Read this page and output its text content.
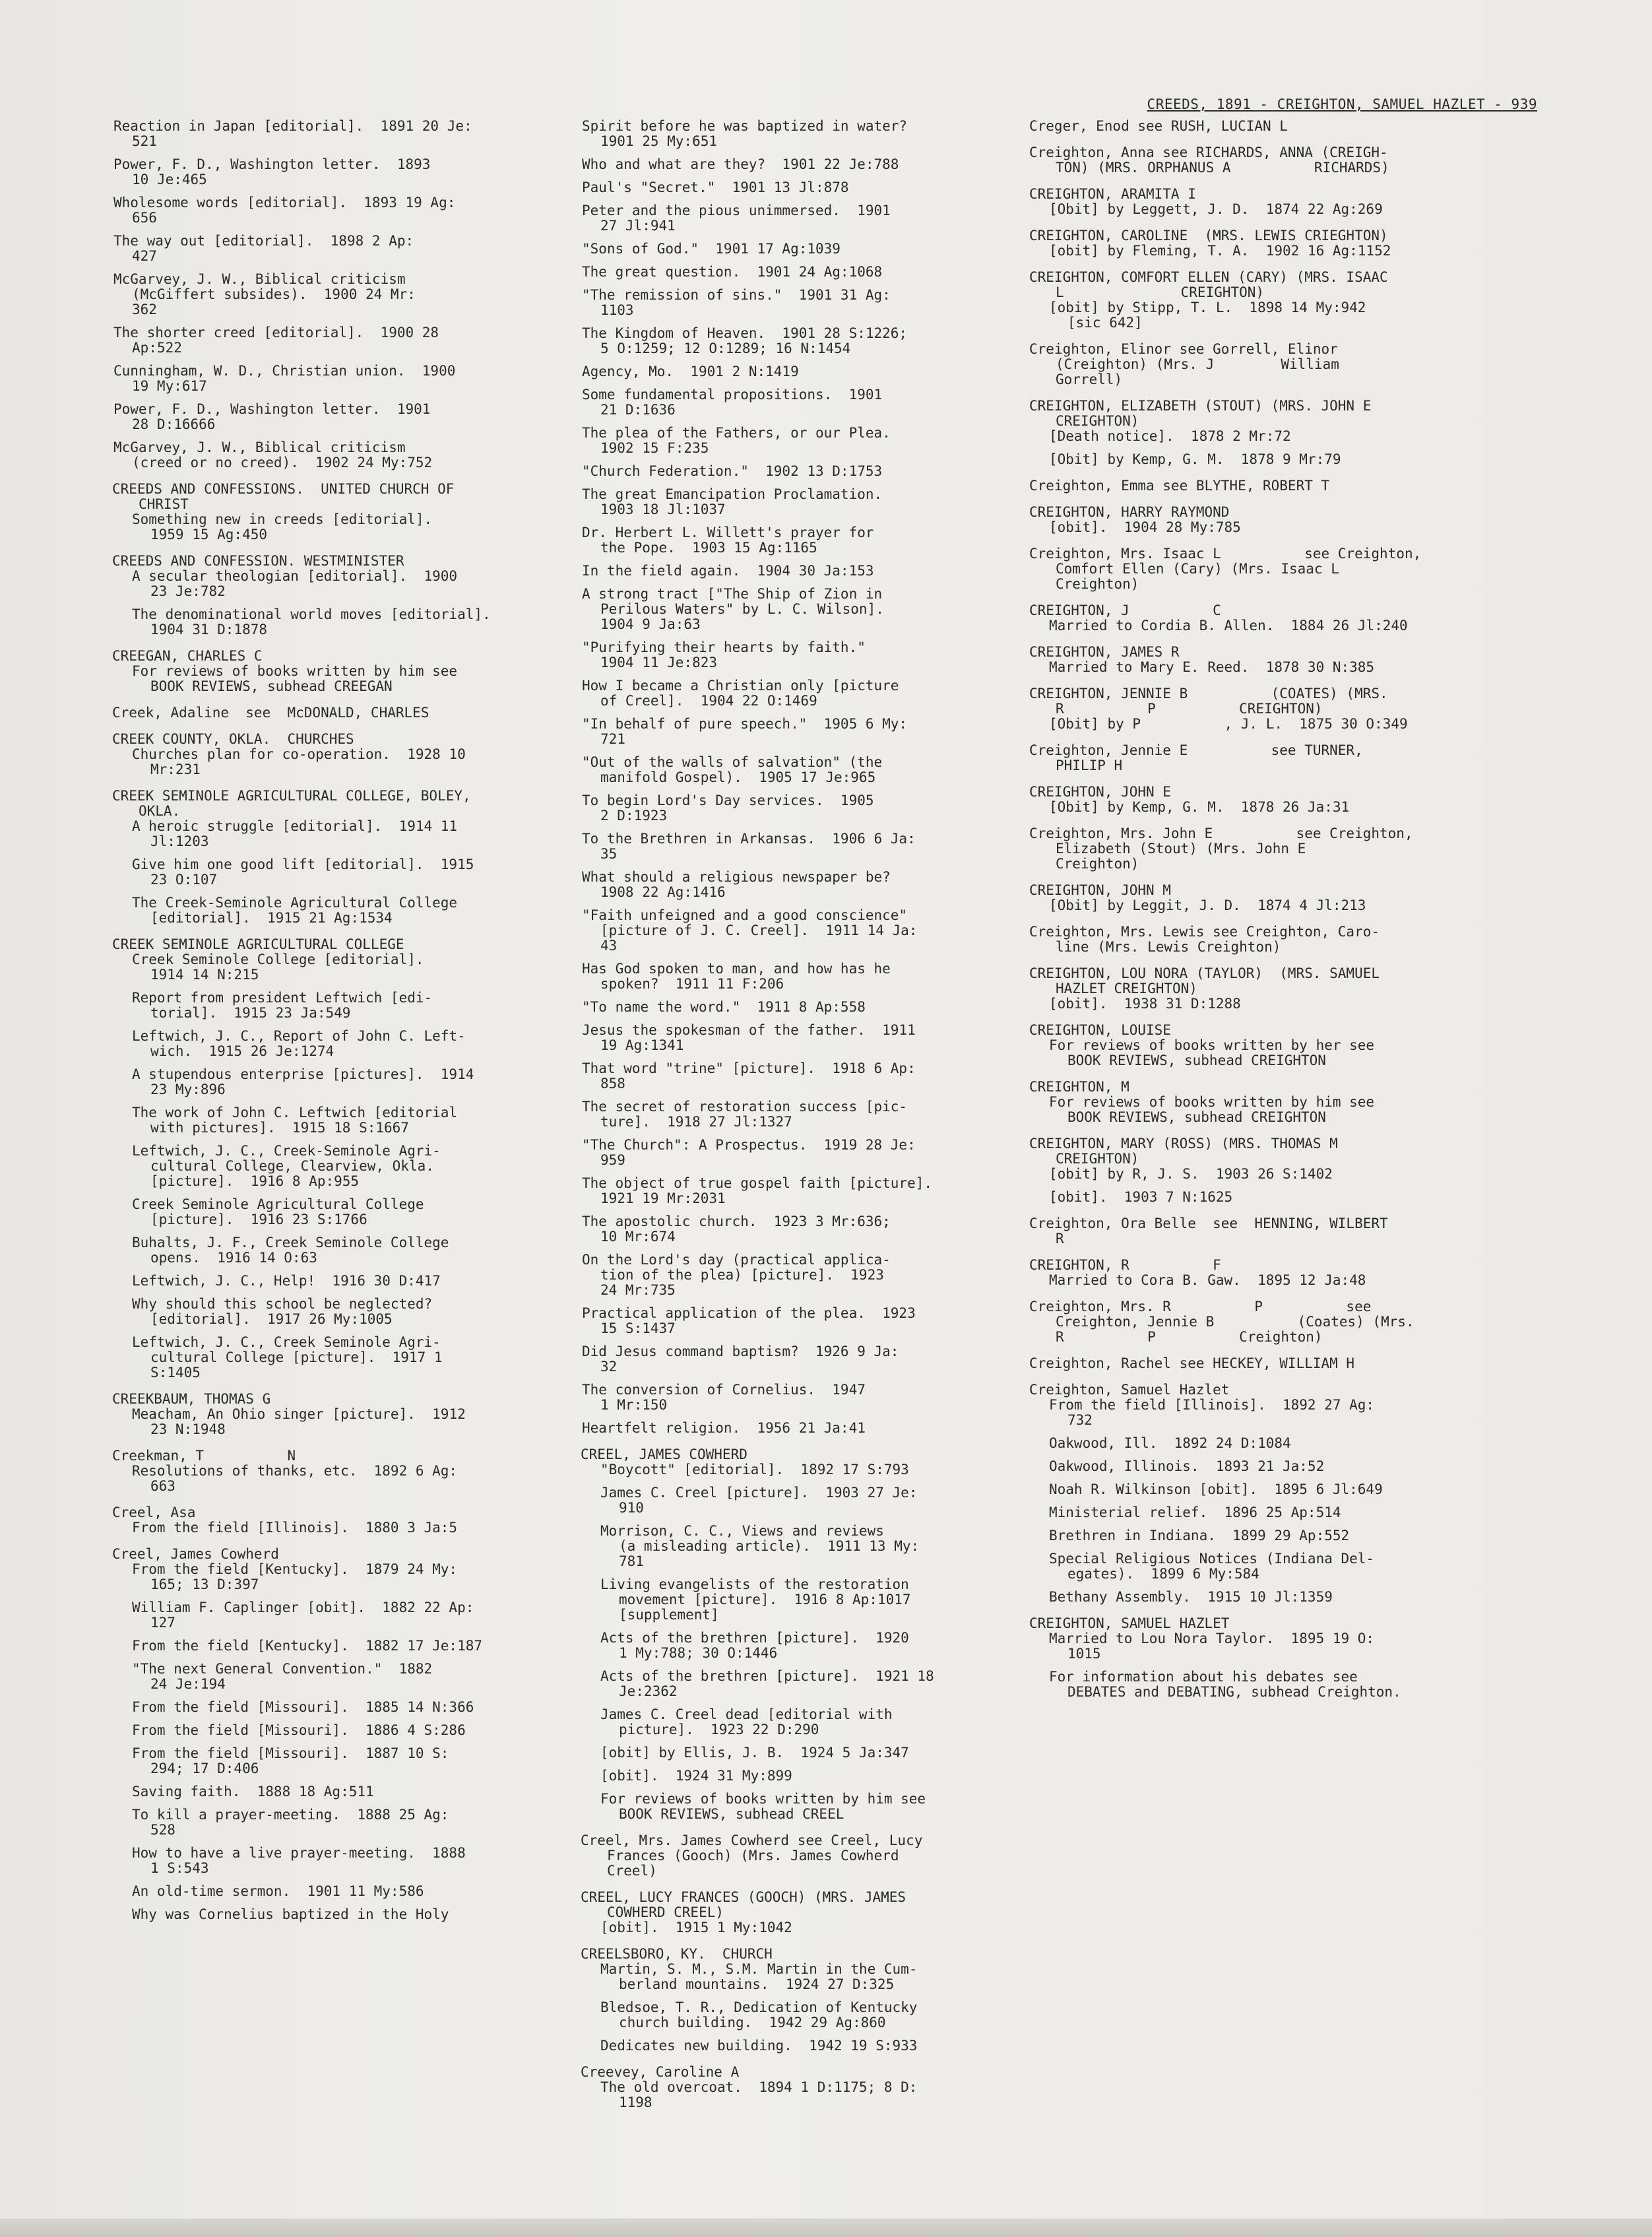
CREEDS, 1891 - CREIGHTON, SAMUEL HAZLET - 939
Reaction in Japan [editorial].  1891 20 Je:
521
Power, F. D., Washington letter.  1893
10 Je:465
Wholesome words [editorial].  1893 19 Ag:
656
The way out [editorial].  1898 2 Ap:
427
McGarvey, J. W., Biblical criticism
(McGiffert subsides).  1900 24 Mr:
362
The shorter creed [editorial].  1900 28
Ap:522
Cunningham, W. D., Christian union.  1900
19 My:617
Power, F. D., Washington letter.  1901
28 D:16666
McGarvey, J. W., Biblical criticism
(creed or no creed).  1902 24 My:752
CREEDS AND CONFESSIONS.  UNITED CHURCH OF
CHRIST
Something new in creeds [editorial].
1959 15 Ag:450
CREEDS AND CONFESSION. WESTMINISTER
A secular theologian [editorial].  1900
23 Je:782
The denominational world moves [editorial].
1904 31 D:1878
CREEGAN, CHARLES C
For reviews of books written by him see
BOOK REVIEWS, subhead CREEGAN
Creek, Adaline  see  McDONALD, CHARLES
CREEK COUNTY, OKLA.  CHURCHES
Churches plan for co-operation.  1928 10
Mr:231
CREEK SEMINOLE AGRICULTURAL COLLEGE, BOLEY,
OKLA.
A heroic struggle [editorial].  1914 11
Jl:1203
Give him one good lift [editorial].  1915
23 O:107
The Creek-Seminole Agricultural College
[editorial].  1915 21 Ag:1534
CREEK SEMINOLE AGRICULTURAL COLLEGE
Creek Seminole College [editorial].
1914 14 N:215
Report from president Leftwich [edi-
torial].  1915 23 Ja:549
Leftwich, J. C., Report of John C. Left-
wich.  1915 26 Je:1274
A stupendous enterprise [pictures].  1914
23 My:896
The work of John C. Leftwich [editorial
with pictures].  1915 18 S:1667
Leftwich, J. C., Creek-Seminole Agri-
cultural College, Clearview, Okla.
[picture].  1916 8 Ap:955
Creek Seminole Agricultural College
[picture].  1916 23 S:1766
Buhalts, J. F., Creek Seminole College
opens.  1916 14 O:63
Leftwich, J. C., Help!  1916 30 D:417
Why should this school be neglected?
[editorial].  1917 26 My:1005
Leftwich, J. C., Creek Seminole Agri-
cultural College [picture].  1917 1
S:1405
CREEKBAUM, THOMAS G
Meacham, An Ohio singer [picture].  1912
23 N:1948
Creekman, T          N
Resolutions of thanks, etc.  1892 6 Ag:
663
Creel, Asa
From the field [Illinois].  1880 3 Ja:5
Creel, James Cowherd
From the field [Kentucky].  1879 24 My:
165; 13 D:397
William F. Caplinger [obit].  1882 22 Ap:
127
From the field [Kentucky].  1882 17 Je:187
"The next General Convention."  1882
24 Je:194
From the field [Missouri].  1885 14 N:366
From the field [Missouri].  1886 4 S:286
From the field [Missouri].  1887 10 S:
294; 17 D:406
Saving faith.  1888 18 Ag:511
To kill a prayer-meeting.  1888 25 Ag:
528
How to have a live prayer-meeting.  1888
1 S:543
An old-time sermon.  1901 11 My:586
Why was Cornelius baptized in the Holy
Spirit before he was baptized in water?
1901 25 My:651
Who and what are they?  1901 22 Je:788
Paul's "Secret."  1901 13 Jl:878
Peter and the pious unimmersed.  1901
27 Jl:941
"Sons of God."  1901 17 Ag:1039
The great question.  1901 24 Ag:1068
"The remission of sins."  1901 31 Ag:
1103
The Kingdom of Heaven.  1901 28 S:1226;
5 O:1259; 12 O:1289; 16 N:1454
Agency, Mo.  1901 2 N:1419
Some fundamental propositions.  1901
21 D:1636
The plea of the Fathers, or our Plea.
1902 15 F:235
"Church Federation."  1902 13 D:1753
The great Emancipation Proclamation.
1903 18 Jl:1037
Dr. Herbert L. Willett's prayer for
the Pope.  1903 15 Ag:1165
In the field again.  1904 30 Ja:153
A strong tract ["The Ship of Zion in
Perilous Waters" by L. C. Wilson].
1904 9 Ja:63
"Purifying their hearts by faith."
1904 11 Je:823
How I became a Christian only [picture
of Creel].  1904 22 O:1469
"In behalf of pure speech."  1905 6 My:
721
"Out of the walls of salvation" (the
manifold Gospel).  1905 17 Je:965
To begin Lord's Day services.  1905
2 D:1923
To the Brethren in Arkansas.  1906 6 Ja:
35
What should a religious newspaper be?
1908 22 Ag:1416
"Faith unfeigned and a good conscience"
[picture of J. C. Creel].  1911 14 Ja:
43
Has God spoken to man, and how has he
spoken?  1911 11 F:206
"To name the word."  1911 8 Ap:558
Jesus the spokesman of the father.  1911
19 Ag:1341
That word "trine" [picture].  1918 6 Ap:
858
The secret of restoration success [pic-
ture].  1918 27 Jl:1327
"The Church": A Prospectus.  1919 28 Je:
959
The object of true gospel faith [picture].
1921 19 Mr:2031
The apostolic church.  1923 3 Mr:636;
10 Mr:674
On the Lord's day (practical applica-
tion of the plea) [picture].  1923
24 Mr:735
Practical application of the plea.  1923
15 S:1437
Did Jesus command baptism?  1926 9 Ja:
32
The conversion of Cornelius.  1947
1 Mr:150
Heartfelt religion.  1956 21 Ja:41
CREEL, JAMES COWHERD
"Boycott" [editorial].  1892 17 S:793
James C. Creel [picture].  1903 27 Je:
910
Morrison, C. C., Views and reviews
(a misleading article).  1911 13 My:
781
Living evangelists of the restoration
movement [picture].  1916 8 Ap:1017
[supplement]
Acts of the brethren [picture].  1920
1 My:788; 30 O:1446
Acts of the brethren [picture].  1921 18
Je:2362
James C. Creel dead [editorial with
picture].  1923 22 D:290
[obit] by Ellis, J. B.  1924 5 Ja:347
[obit].  1924 31 My:899
For reviews of books written by him see
BOOK REVIEWS, subhead CREEL
Creel, Mrs. James Cowherd see Creel, Lucy
Frances (Gooch) (Mrs. James Cowherd
Creel)
CREEL, LUCY FRANCES (GOOCH) (MRS. JAMES
COWHERD CREEL)
[obit].  1915 1 My:1042
CREELSBORO, KY.  CHURCH
Martin, S. M., S.M. Martin in the Cum-
berland mountains.  1924 27 D:325
Bledsoe, T. R., Dedication of Kentucky
church building.  1942 29 Ag:860
Dedicates new building.  1942 19 S:933
Creevey, Caroline A
The old overcoat.  1894 1 D:1175; 8 D:
1198
Creger, Enod see RUSH, LUCIAN L
Creighton, Anna see RICHARDS, ANNA (CREIGH-
TON) (MRS. ORPHANUS A          RICHARDS)
CREIGHTON, ARAMITA I
[Obit] by Leggett, J. D.  1874 22 Ag:269
CREIGHTON, CAROLINE  (MRS. LEWIS CRIEGHTON)
[obit] by Fleming, T. A.  1902 16 Ag:1152
CREIGHTON, COMFORT ELLEN (CARY) (MRS. ISAAC
L              CREIGHTON)
[obit] by Stipp, T. L.  1898 14 My:942
[sic 642]
Creighton, Elinor see Gorrell, Elinor
(Creighton) (Mrs. J        William
Gorrell)
CREIGHTON, ELIZABETH (STOUT) (MRS. JOHN E
CREIGHTON)
[Death notice].  1878 2 Mr:72
[Obit] by Kemp, G. M.  1878 9 Mr:79
Creighton, Emma see BLYTHE, ROBERT T
CREIGHTON, HARRY RAYMOND
[obit].  1904 28 My:785
Creighton, Mrs. Isaac L          see Creighton,
Comfort Ellen (Cary) (Mrs. Isaac L
Creighton)
CREIGHTON, J          C
Married to Cordia B. Allen.  1884 26 Jl:240
CREIGHTON, JAMES R
Married to Mary E. Reed.  1878 30 N:385
CREIGHTON, JENNIE B          (COATES) (MRS.
R          P          CREIGHTON)
[Obit] by P          , J. L.  1875 30 O:349
Creighton, Jennie E          see TURNER,
PHILIP H
CREIGHTON, JOHN E
[Obit] by Kemp, G. M.  1878 26 Ja:31
Creighton, Mrs. John E          see Creighton,
Elizabeth (Stout) (Mrs. John E
Creighton)
CREIGHTON, JOHN M
[Obit] by Leggit, J. D.  1874 4 Jl:213
Creighton, Mrs. Lewis see Creighton, Caro-
line (Mrs. Lewis Creighton)
CREIGHTON, LOU NORA (TAYLOR)  (MRS. SAMUEL
HAZLET CREIGHTON)
[obit].  1938 31 D:1288
CREIGHTON, LOUISE
For reviews of books written by her see
BOOK REVIEWS, subhead CREIGHTON
CREIGHTON, M
For reviews of books written by him see
BOOK REVIEWS, subhead CREIGHTON
CREIGHTON, MARY (ROSS) (MRS. THOMAS M
CREIGHTON)
[obit] by R, J. S.  1903 26 S:1402
[obit].  1903 7 N:1625
Creighton, Ora Belle  see  HENNING, WILBERT
R
CREIGHTON, R          F
Married to Cora B. Gaw.  1895 12 Ja:48
Creighton, Mrs. R          P          see
Creighton, Jennie B          (Coates) (Mrs.
R          P          Creighton)
Creighton, Rachel see HECKEY, WILLIAM H
Creighton, Samuel Hazlet
From the field [Illinois].  1892 27 Ag:
732
Oakwood, Ill.  1892 24 D:1084
Oakwood, Illinois.  1893 21 Ja:52
Noah R. Wilkinson [obit].  1895 6 Jl:649
Ministerial relief.  1896 25 Ap:514
Brethren in Indiana.  1899 29 Ap:552
Special Religious Notices (Indiana Del-
egates).  1899 6 My:584
Bethany Assembly.  1915 10 Jl:1359
CREIGHTON, SAMUEL HAZLET
Married to Lou Nora Taylor.  1895 19 O:
1015
For information about his debates see
DEBATES and DEBATING, subhead Creighton.
